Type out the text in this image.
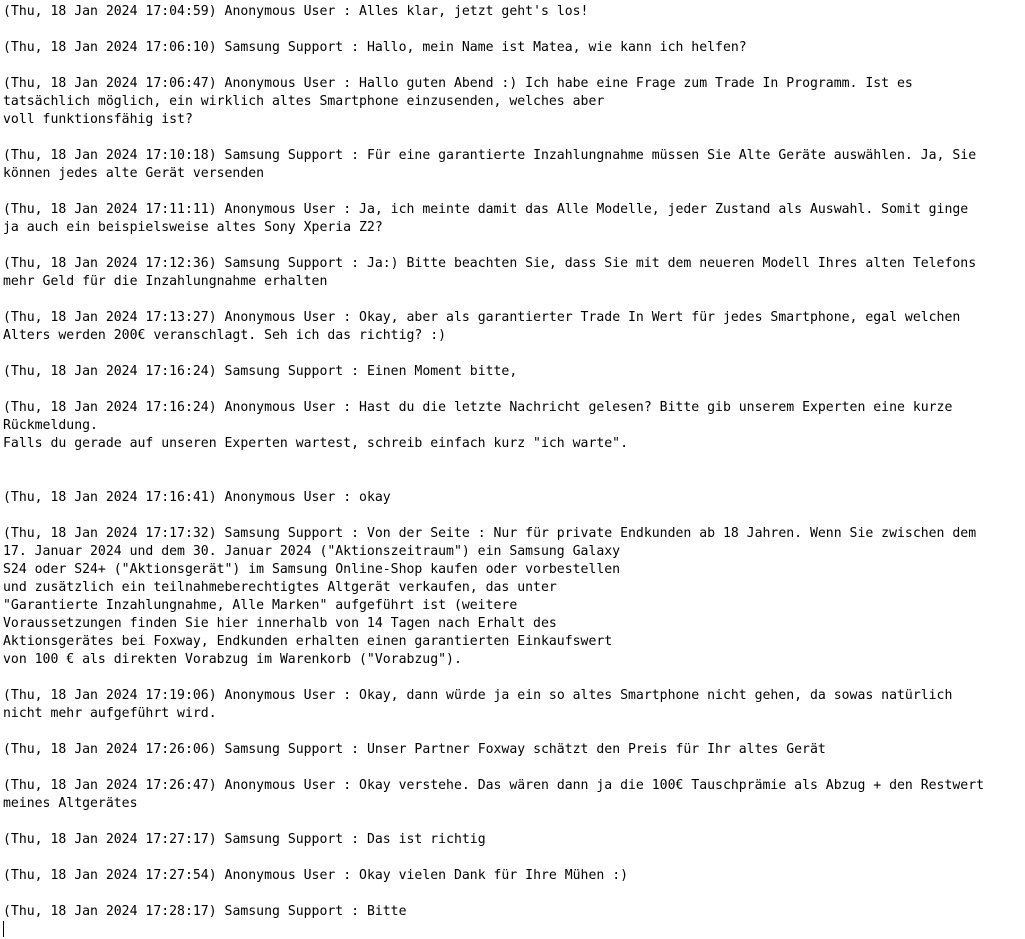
(Thu, 18 Jan 2024 17:04:59) Anonymous User : Alles klar, jetzt geht's los!
(Thu, 18 Jan 2024 17:06:10) Samsung Support : Hallo, mein Name ist Matea, wie kann ich helfen?
(Thu, 18 Jan 2024 17:06:47) Anonymous User : Hallo guten Abend :) Ich habe eine Frage zum Trade In Programm. Ist es
tatsächlich möglich, ein wirklich altes Smartphone einzusenden, welches aber
voll funktionsfähig ist?
(Thu, 18 Jan 2024 17:10:18) Samsung Support : Für eine garantierte Inzahlungnahme müssen Sie Alte Geräte auswählen. Ja, Sie
können jedes alte Gerät versenden
(Thu, 18 Jan 2024 17:11:11) Anonymous User : Ja, ich meinte damit das Alle Modelle, jeder Zustand als Auswahl. Somit ginge
ja auch ein beispielsweise altes Sony Xperia Z2?
(Thu, 18 Jan 2024 17:12:36) Samsung Support : Ja:) Bitte beachten Sie, dass Sie mit dem neueren Modell Ihres alten Telefons
mehr Geld für die Inzahlungnahme erhalten
(Thu, 18 Jan 2024 17:13:27) Anonymous User : Okay, aber als garantierter Trade In Wert für jedes Smartphone, egal welchen
Alters werden 200€ veranschlagt. Seh ich das richtig? :)
(Thu, 18 Jan 2024 17:16:24) Samsung Support : Einen Moment bitte,
(Thu, 18 Jan 2024 17:16:24) Anonymous User : Hast du die letzte Nachricht gelesen? Bitte gib unserem Experten eine kurze
Rückmeldung.
Falls du gerade auf unseren Experten wartest, schreib einfach kurz "ich warte".
(Thu, 18 Jan 2024 17:16:41) Anonymous User : okay
(Thu, 18 Jan 2024 17:17:32) Samsung Support : Von der Seite : Nur für private Endkunden ab 18 Jahren. Wenn Sie zwischen dem
17. Januar 2024 und dem 30. Januar 2024 ("Aktionszeitraum") ein Samsung Galaxy
S24 oder S24+ ("Aktionsgerät") im Samsung Online-Shop kaufen oder vorbestellen
und zusätzlich ein teilnahmeberechtigtes Altgerät verkaufen, das unter
"Garantierte Inzahlungnahme, Alle Marken" aufgeführt ist (weitere
Voraussetzungen finden Sie hier innerhalb von 14 Tagen nach Erhalt des
Aktionsgerätes bei Foxway, Endkunden erhalten einen garantierten Einkaufswert
von 100 € als direkten Vorabzug im Warenkorb ("Vorabzug").
(Thu, 18 Jan 2024 17:19:06) Anonymous User : Okay, dann würde ja ein so altes Smartphone nicht gehen, da sowas natürlich
nicht mehr aufgeführt wird.
(Thu, 18 Jan 2024 17:26:06) Samsung Support : Unser Partner Foxway schätzt den Preis für Ihr altes Gerät
(Thu, 18 Jan 2024 17:26:47) Anonymous User : Okay verstehe. Das wären dann ja die 100€ Tauschprämie als Abzug + den Restwert
meines Altgerätes
(Thu, 18 Jan 2024 17:27:17) Samsung Support : Das ist richtig
(Thu, 18 Jan 2024 17:27:54) Anonymous User : Okay vielen Dank für Ihre Mühen :)
(Thu, 18 Jan 2024 17:28:17) Samsung Support : Bitte
